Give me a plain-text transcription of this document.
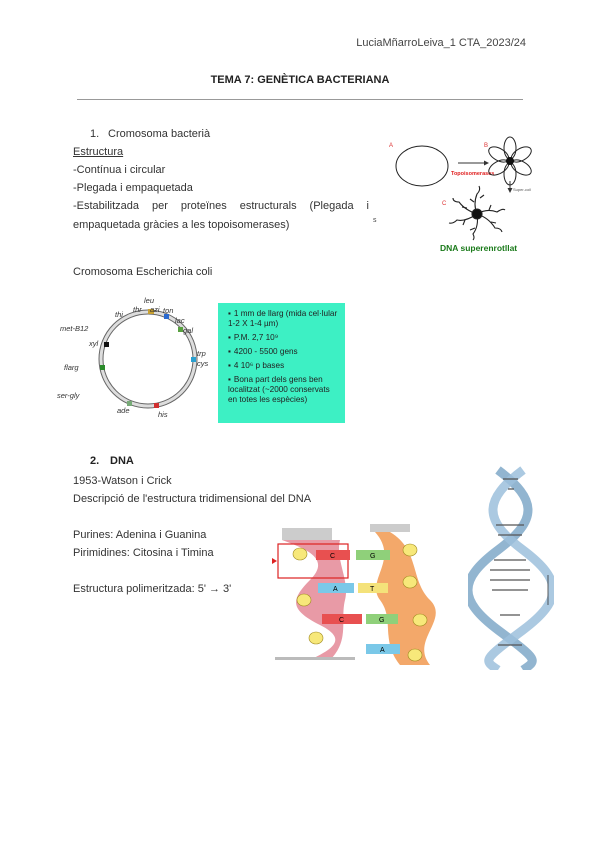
LuciaMñarroLeiva_1 CTA_2023/24
TEMA 7: GENÈTICA BACTERIANA
1. Cromosoma bacterià
Estructura
-Contínua i circular
-Plegada i empaquetada
-Estabilitzada per proteïnes estructurals (Plegada i empaquetada gràcies a les topoisomerases)	s
A
Topoisomerases
B
Super-coil
C
DNA superenrotllat
Cromosoma Escherichia coli
leu
azi
thr	ton
thi
lac
gal
met-B12
xyl
trp
cys
flarg
ser-gly
ade	his
▪ 1 mm de llarg (mida cel·lular 1-2 X 1-4 µm)
▪ P.M. 2,7 10⁹
▪ 4200 - 5500 gens
▪ 4 10⁶ p bases
▪ Bona part dels gens ben localitzat (~2000 conservats en totes les espècies)
2. DNA
1953-Watson i Crick
Descripció de l'estructura tridimensional del DNA
Purines: Adenina i Guanina
Pirimidines: Citosina i Timina
Estructura polimeritzada: 5' → 3'
C	G
A	T
C	G
A
